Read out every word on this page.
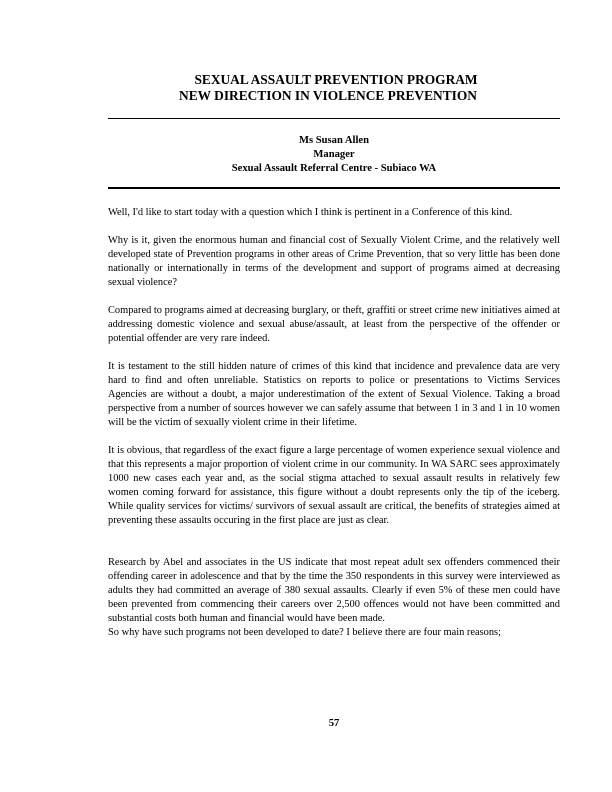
SEXUAL ASSAULT PREVENTION PROGRAM
NEW DIRECTION IN VIOLENCE PREVENTION
Ms Susan Allen
Manager
Sexual Assault Referral Centre - Subiaco WA

Well, I'd like to start today with a question which I think is pertinent in a Conference of this kind.

Why is it, given the enormous human and financial cost of Sexually Violent Crime, and the relatively well developed state of Prevention programs in other areas of Crime Prevention, that so very little has been done nationally or internationally in terms of the development and support of programs aimed at decreasing sexual violence?

Compared to programs aimed at decreasing burglary, or theft, graffiti or street crime new initiatives aimed at addressing domestic violence and sexual abuse/assault, at least from the perspective of the offender or potential offender are very rare indeed.

It is testament to the still hidden nature of crimes of this kind that incidence and prevalence data are very hard to find and often unreliable. Statistics on reports to police or presentations to Victims Services Agencies are without a doubt, a major underestimation of the extent of Sexual Violence. Taking a broad perspective from a number of sources however we can safely assume that between 1 in 3 and 1 in 10 women will be the victim of sexually violent crime in their lifetime.

It is obvious, that regardless of the exact figure a large percentage of women experience sexual violence and that this represents a major proportion of violent crime in our community. In WA SARC sees approximately 1000 new cases each year and, as the social stigma attached to sexual assault results in relatively few women coming forward for assistance, this figure without a doubt represents only the tip of the iceberg. While quality services for victims/ survivors of sexual assault are critical, the benefits of strategies aimed at preventing these assaults occuring in the first place are just as clear.

Research by Abel and associates in the US indicate that most repeat adult sex offenders commenced their offending career in adolescence and that by the time the 350 respondents in this survey were interviewed as adults they had committed an average of 380 sexual assaults. Clearly if even 5% of these men could have been prevented from commencing their careers over 2,500 offences would not have been committed and substantial costs both human and financial would have been made.

So why have such programs not been developed to date? I believe there are four main reasons;

57
